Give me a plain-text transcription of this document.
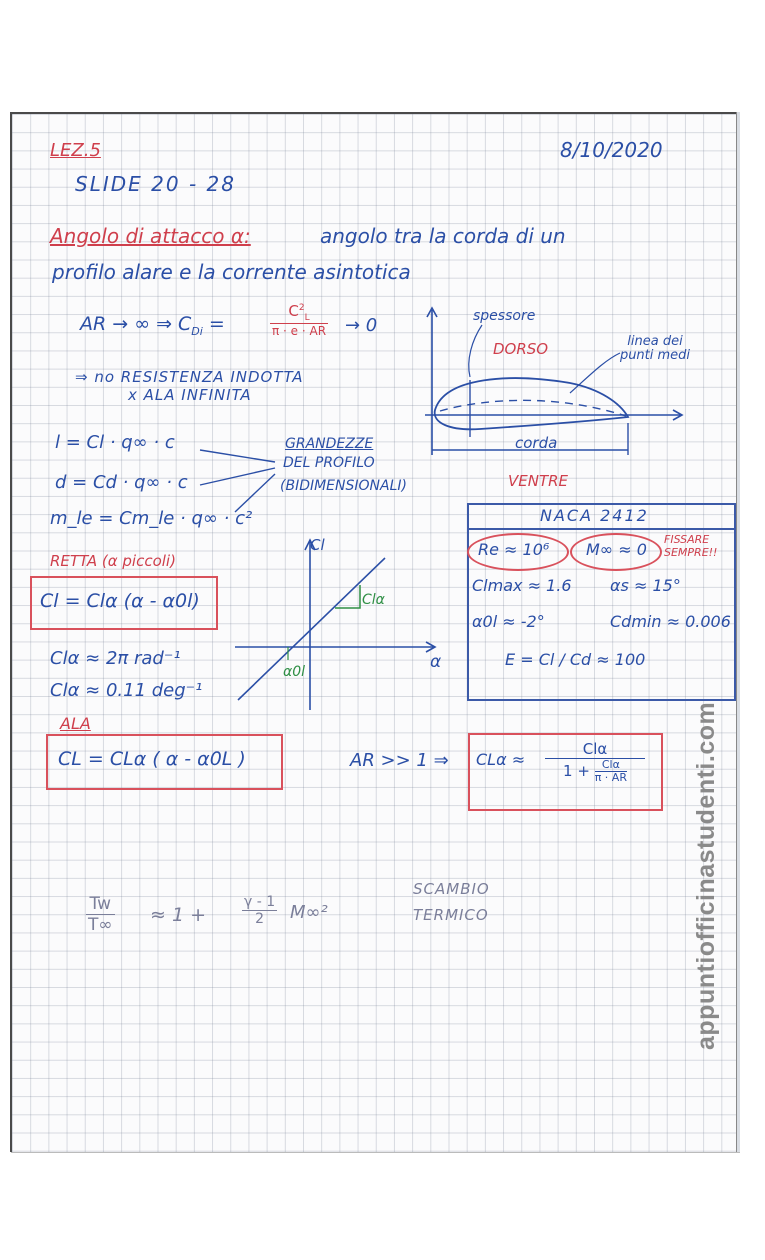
LEZ.5	8/10/2020
SLIDE 20 - 28
Angolo di attacco α:	angolo tra la corda di un
profilo alare e la corrente asintotica
AR → ∞ ⇒ $C_{Di}$ =
$C^2_L$
π · e · AR → 0
⇒ no RESISTENZA INDOTTA
x ALA INFINITA
spessore
DORSO	linea dei punti medi
corda
VENTRE
l = Cl · q∞ · c
d = Cd · q∞ · c
m_le = Cm_le · q∞ · c²
GRANDEZZE
DEL PROFILO
(BIDIMENSIONALI)
RETTA (α piccoli)
Cl = Clα (α - α0l)
Clα ≈ 2π rad⁻¹
Clα ≈ 0.11 deg⁻¹
Cl
α
Clα
α0l
NACA 2412
Re ≈ 10⁶ M∞ ≈ 0
FISSARE SEMPRE!!
Clmax ≈ 1.6 αs ≈ 15°
α0l ≈ -2°	Cdmin ≈ 0.006
E = Cl / Cd ≈ 100
ALA
CL = CLα ( α - α0L )	AR >> 1 ⇒ CLα ≈
Clα
1 +	Clα
π · AR
$\frac{Tw}{T\infty} \approx 1$ +	$\frac{\gamma - 1}{2} M\infty^2$
SCAMBIO
TERMICO	appuntiofficinastudenti.com
